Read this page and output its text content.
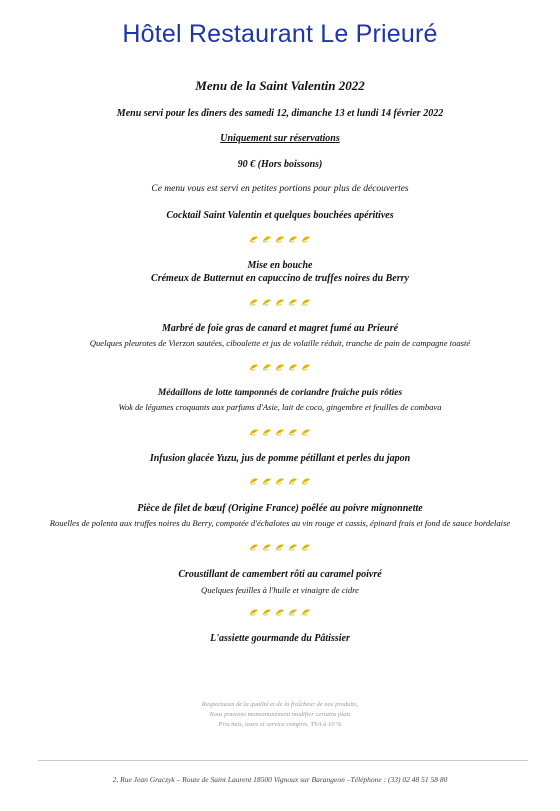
Hôtel Restaurant Le Prieuré
Menu de la Saint Valentin 2022
Menu servi pour les dîners des samedi 12, dimanche 13 et lundi 14 février 2022
Uniquement sur réservations
90 € (Hors boissons)
Ce menu vous est servi en petites portions pour plus de découvertes
Cocktail Saint Valentin et quelques bouchées apéritives
Mise en bouche
Crémeux de Butternut en capuccino de truffes noires du Berry
Marbré de foie gras de canard et magret fumé au Prieuré
Quelques pleurotes de Vierzon sautées, ciboulette et jus de volaille réduit, tranche de pain de campagne toasté
Médaillons de lotte tamponnés de coriandre fraîche puis rôties
Wok de légumes croquants aux parfums d'Asie, lait de coco, gingembre et feuilles de combava
Infusion glacée Yuzu, jus de pomme pétillant et perles du japon
Pièce de filet de bœuf (Origine France) poêlée au poivre mignonnette
Rouelles de polenta aux truffes noires du Berry, compotée d'échalotes au vin rouge et cassis, épinard frais et fond de sauce bordelaise
Croustillant de camembert rôti au caramel poivré
Quelques feuilles à l'huile et vinaigre de cidre
L'assiette gourmande du Pâtissier
Respectueux de la qualité et de la fraîcheur de nos produits,
Nous pouvons momentanément modifier certains plats
Prix nets, taxes et service compris, TVA à 10 %
2, Rue Jean Graczyk – Route de Saint Laurent 18500 Vignoux sur Barangeon –Téléphone : (33) 02 48 51 58 80
